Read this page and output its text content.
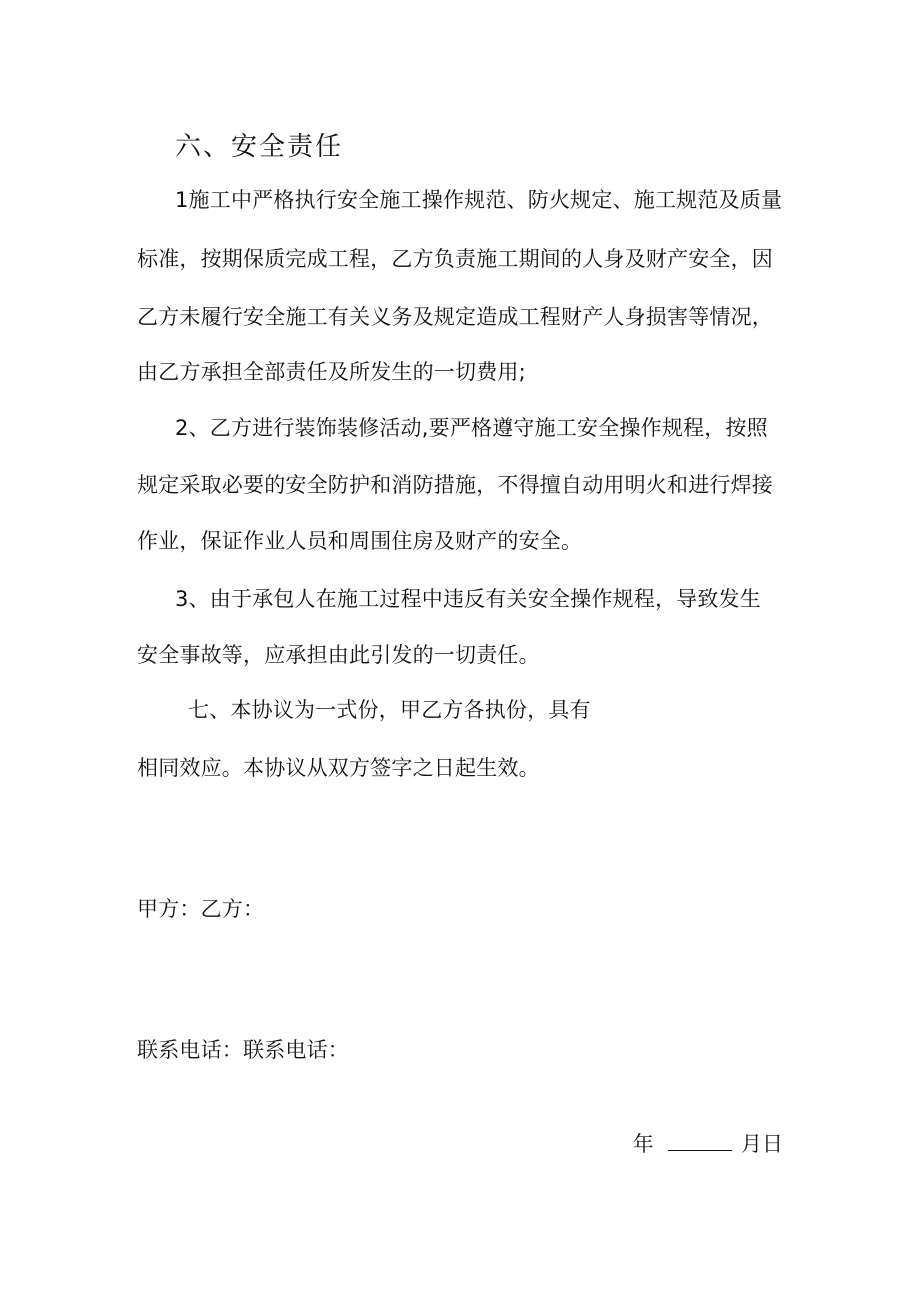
六、安全责任
1施工中严格执行安全施工操作规范、防火规定、施工规范及质量
标准，按期保质完成工程，乙方负责施工期间的人身及财产安全，因
乙方未履行安全施工有关义务及规定造成工程财产人身损害等情况，
由乙方承担全部责任及所发生的一切费用;
2、乙方进行装饰装修活动,要严格遵守施工安全操作规程，按照
规定采取必要的安全防护和消防措施，不得擅自动用明火和进行焊接
作业，保证作业人员和周围住房及财产的安全。
3、由于承包人在施工过程中违反有关安全操作规程，导致发生
安全事故等，应承担由此引发的一切责任。
七、本协议为一式份，甲乙方各执份，具有
相同效应。本协议从双方签字之日起生效。
甲方：乙方：
联系电话：联系电话：
年	月日
